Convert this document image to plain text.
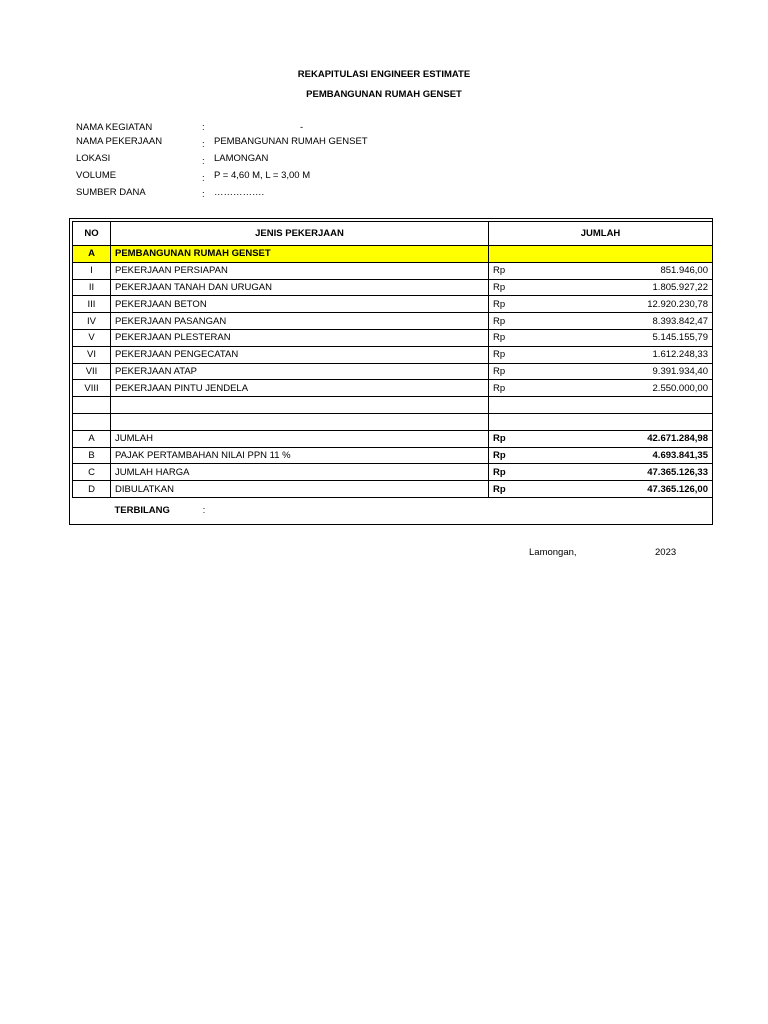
REKAPITULASI ENGINEER ESTIMATE
PEMBANGUNAN RUMAH GENSET
NAMA KEGIATAN	:	-
NAMA PEKERJAAN	: PEMBANGUNAN RUMAH GENSET
LOKASI	: LAMONGAN
VOLUME	: P = 4,60 M, L = 3,00 M
SUMBER DANA	: …………….
NO	JENIS PEKERJAAN	JUMLAH	
A	PEMBANGUNAN RUMAH GENSET		
I	PEKERJAAN PERSIAPAN	Rp	851.946,00
II	PEKERJAAN TANAH DAN URUGAN	Rp	1.805.927,22
III	PEKERJAAN BETON	Rp	12.920.230,78
IV	PEKERJAAN PASANGAN	Rp	8.393.842,47
V	PEKERJAAN PLESTERAN	Rp	5.145.155,79
VI	PEKERJAAN PENGECATAN	Rp	1.612.248,33
VII	PEKERJAAN ATAP	Rp	9.391.934,40
VIII	PEKERJAAN PINTU JENDELA	Rp	2.550.000,00

A	JUMLAH	Rp	42.671.284,98
B	PAJAK PERTAMBAHAN NILAI PPN 11 %	Rp	4.693.841,35
C	JUMLAH HARGA	Rp	47.365.126,33
D	DIBULATKAN	Rp	47.365.126,00
	TERBILANG :		
Lamongan,	2023
